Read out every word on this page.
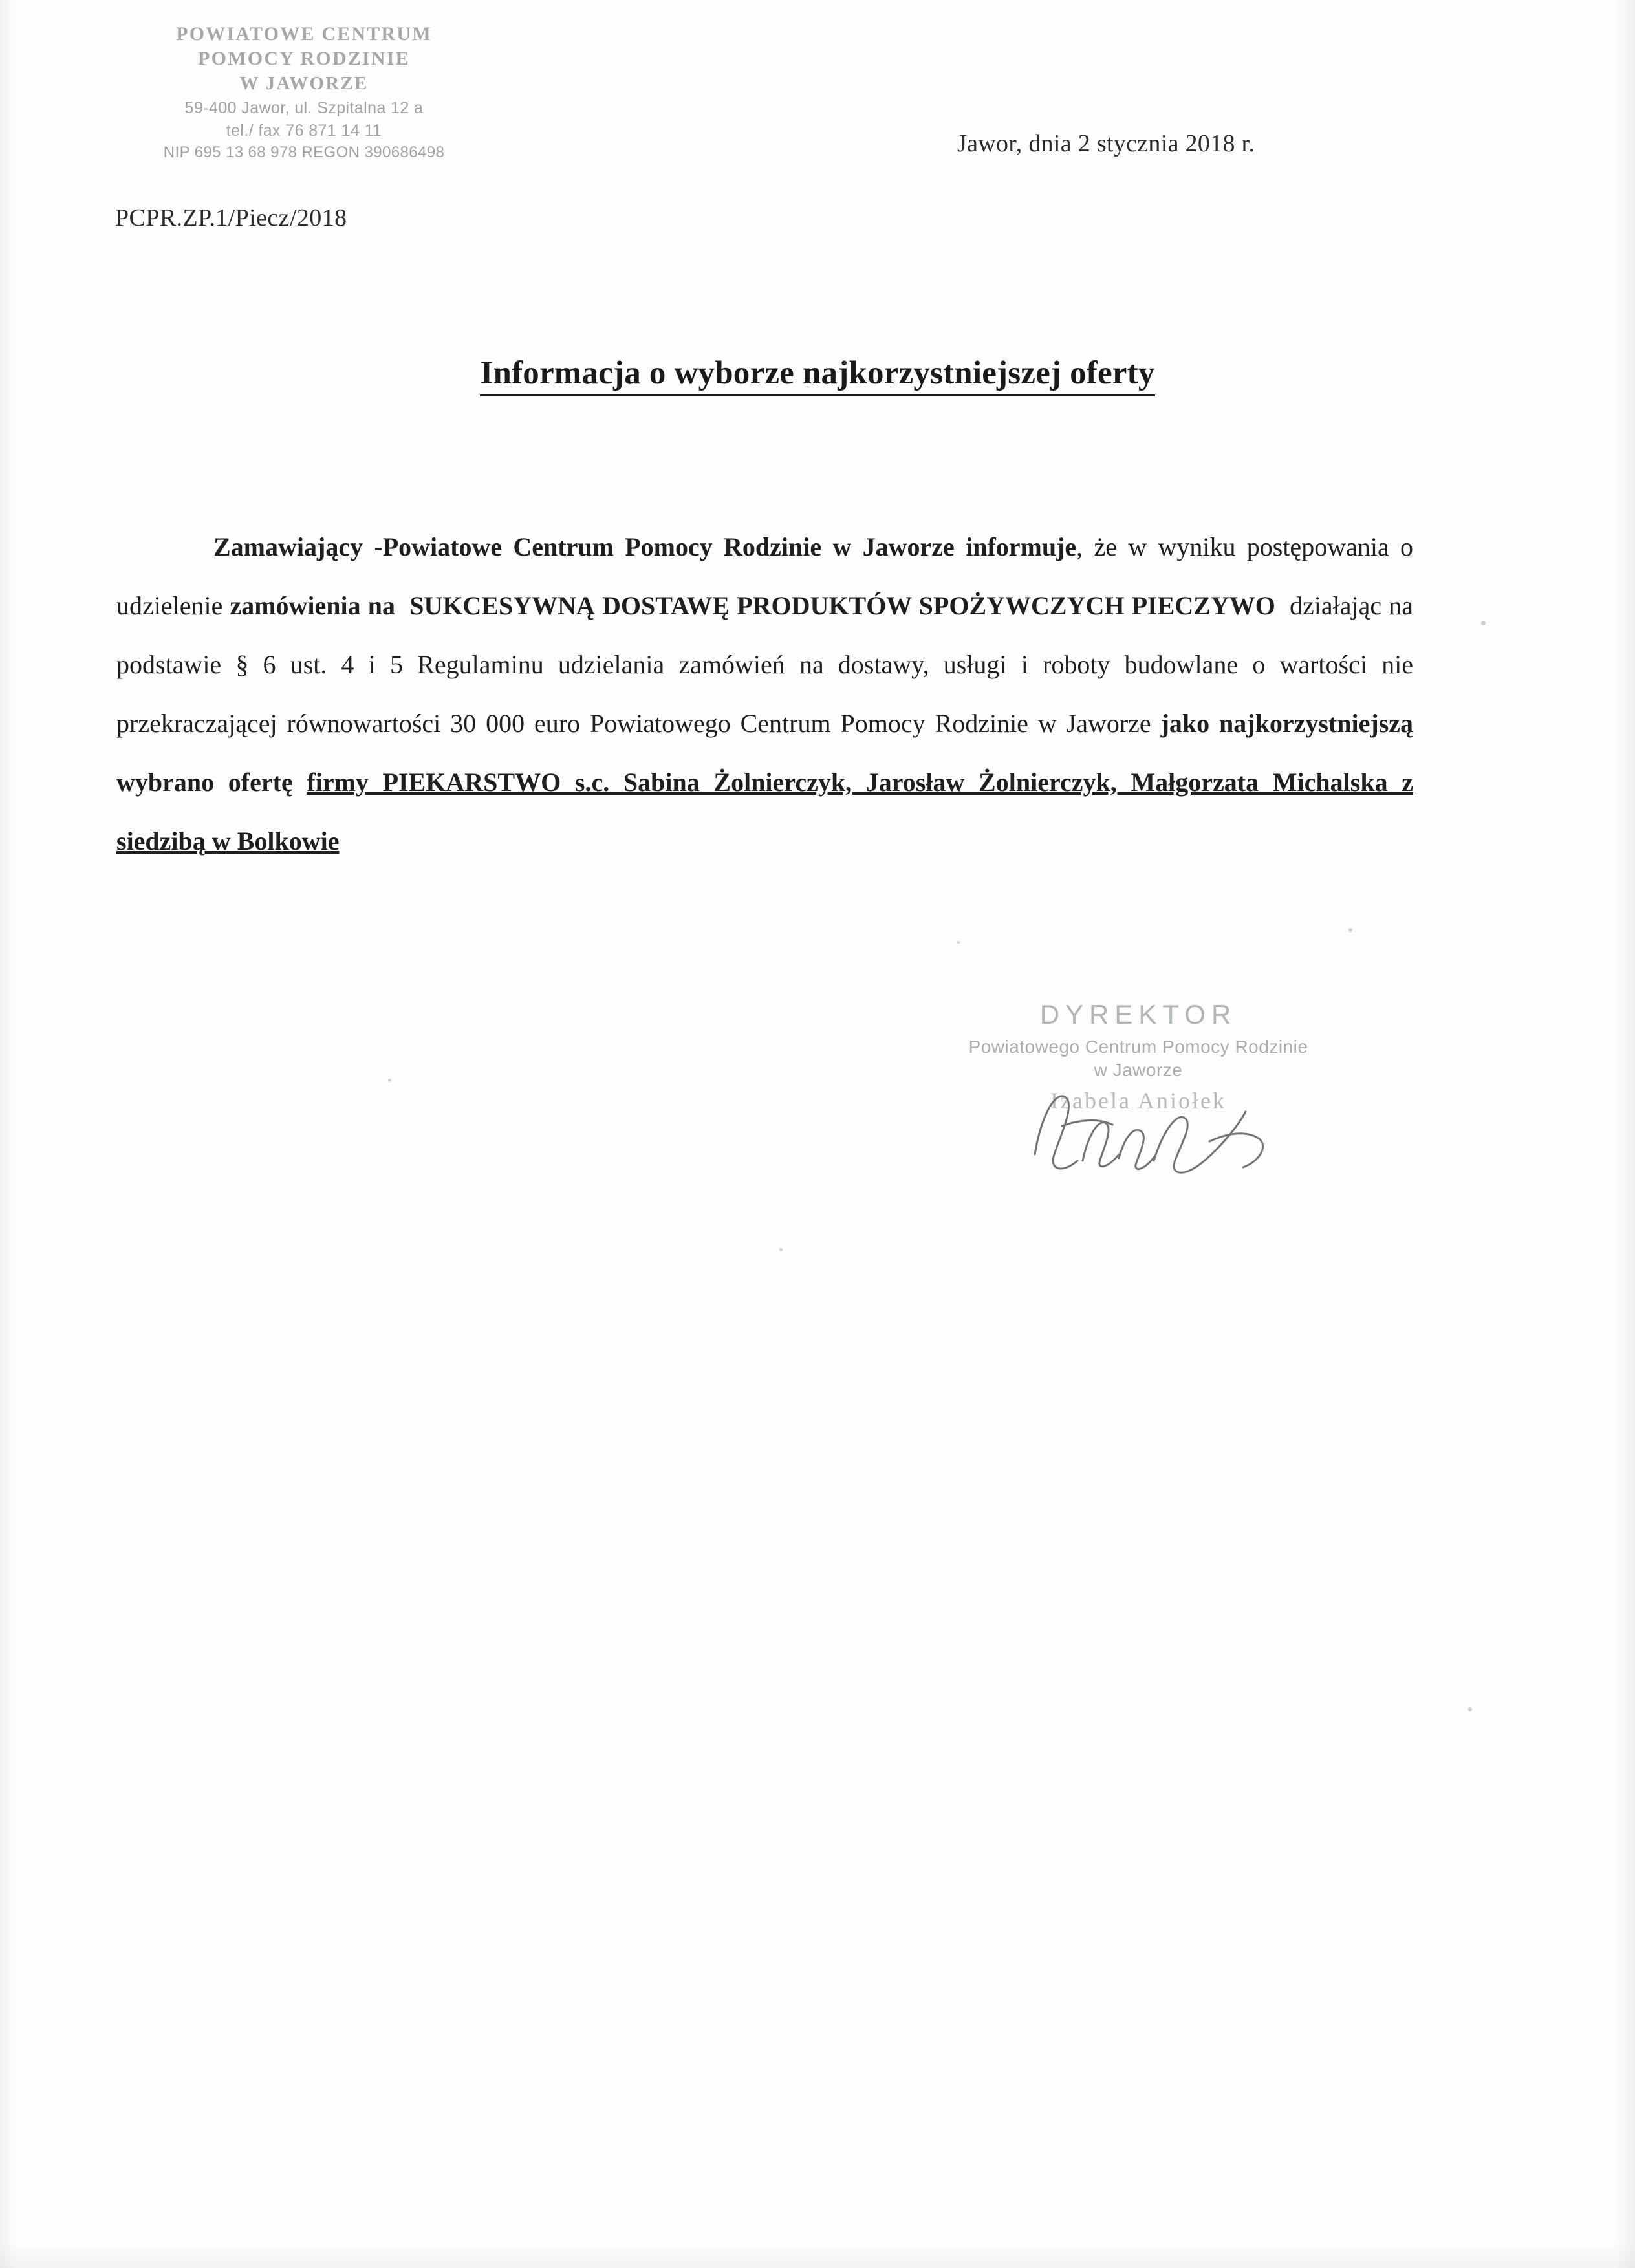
POWIATOWE CENTRUM
POMOCY RODZINIE
W JAWORZE
59-400 Jawor, ul. Szpitalna 12 a
tel./ fax 76 871 14 11
NIP 695 13 68 978 REGON 390686498	Jawor, dnia 2 stycznia 2018 r.
PCPR.ZP.1/Piecz/2018
Informacja o wyborze najkorzystniejszej oferty

Zamawiający -Powiatowe Centrum Pomocy Rodzinie w Jaworze informuje, że w wyniku postępowania o udzielenie zamówienia na SUKCESYWNĄ DOSTAWĘ PRODUKTÓW SPOŻYWCZYCH PIECZYWO działając na podstawie § 6 ust. 4 i 5 Regulaminu udzielania zamówień na dostawy, usługi i roboty budowlane o wartości nie przekraczającej równowartości 30 000 euro Powiatowego Centrum Pomocy Rodzinie w Jaworze jako najkorzystniejszą wybrano ofertę firmy PIEKARSTWO s.c. Sabina Żolnierczyk, Jarosław Żolnierczyk, Małgorzata Michalska z siedzibą w Bolkowie

DYREKTOR
Powiatowego Centrum Pomocy Rodzinie
w Jaworze
Izabela Aniołek
